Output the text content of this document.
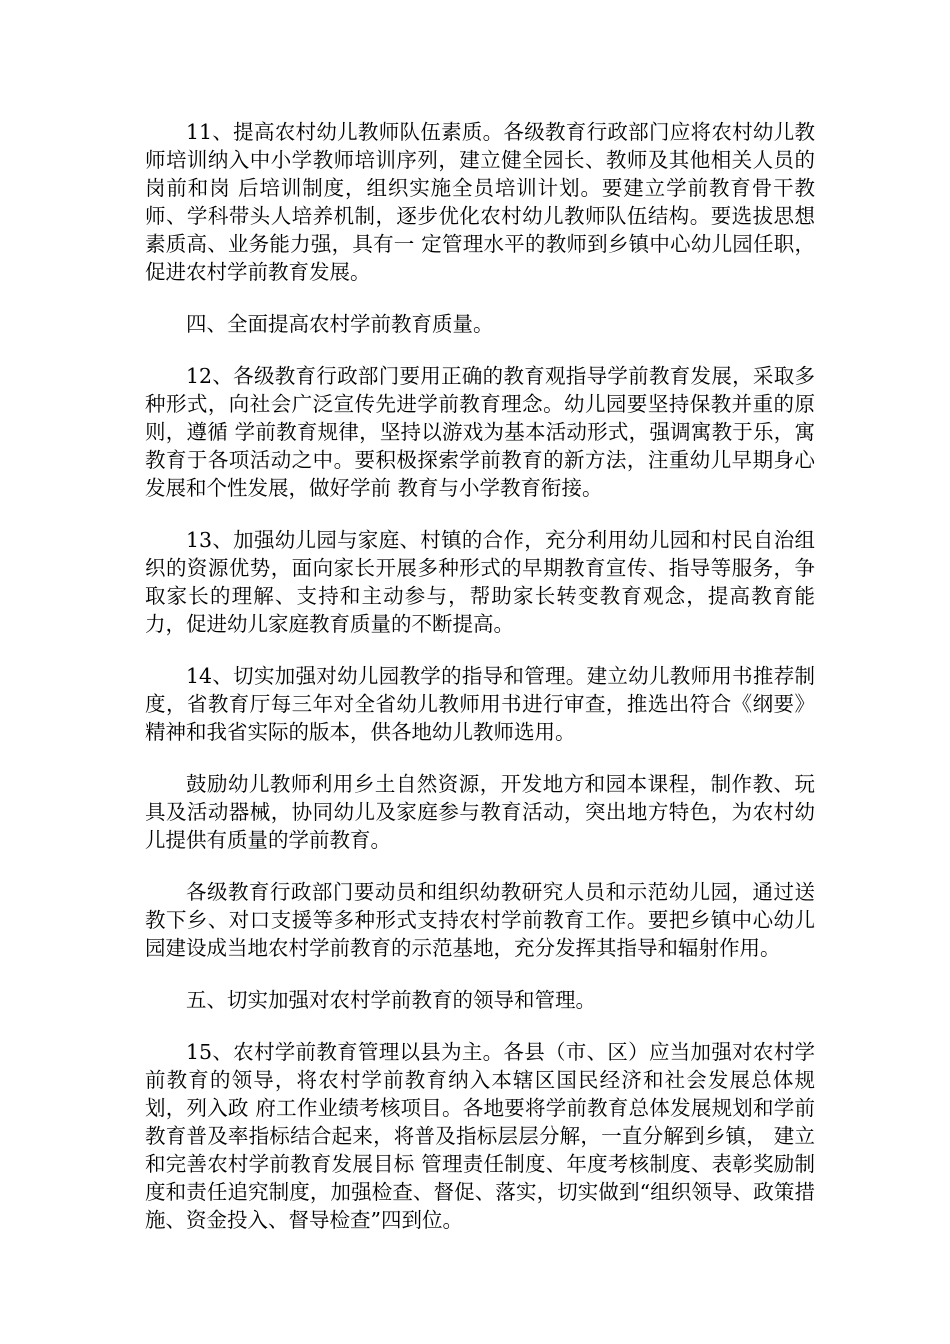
11、提高农村幼儿教师队伍素质。各级教育行政部门应将农村幼儿教师培训纳入中小学教师培训序列，建立健全园长、教师及其他相关人员的岗前和岗 后培训制度，组织实施全员培训计划。要建立学前教育骨干教师、学科带头人培养机制，逐步优化农村幼儿教师队伍结构。要选拔思想素质高、业务能力强，具有一 定管理水平的教师到乡镇中心幼儿园任职，促进农村学前教育发展。

四、全面提高农村学前教育质量。

12、各级教育行政部门要用正确的教育观指导学前教育发展，采取多种形式，向社会广泛宣传先进学前教育理念。幼儿园要坚持保教并重的原则，遵循 学前教育规律，坚持以游戏为基本活动形式，强调寓教于乐，寓教育于各项活动之中。要积极探索学前教育的新方法，注重幼儿早期身心发展和个性发展，做好学前 教育与小学教育衔接。

13、加强幼儿园与家庭、村镇的合作，充分利用幼儿园和村民自治组织的资源优势，面向家长开展多种形式的早期教育宣传、指导等服务，争取家长的理解、支持和主动参与，帮助家长转变教育观念，提高教育能力，促进幼儿家庭教育质量的不断提高。

14、切实加强对幼儿园教学的指导和管理。建立幼儿教师用书推荐制度，省教育厅每三年对全省幼儿教师用书进行审查，推选出符合《纲要》精神和我省实际的版本，供各地幼儿教师选用。

鼓励幼儿教师利用乡土自然资源，开发地方和园本课程，制作教、玩具及活动器械，协同幼儿及家庭参与教育活动，突出地方特色，为农村幼儿提供有质量的学前教育。

各级教育行政部门要动员和组织幼教研究人员和示范幼儿园，通过送教下乡、对口支援等多种形式支持农村学前教育工作。要把乡镇中心幼儿园建设成当地农村学前教育的示范基地，充分发挥其指导和辐射作用。

五、切实加强对农村学前教育的领导和管理。

15、农村学前教育管理以县为主。各县（市、区）应当加强对农村学前教育的领导，将农村学前教育纳入本辖区国民经济和社会发展总体规划，列入政 府工作业绩考核项目。各地要将学前教育总体发展规划和学前教育普及率指标结合起来，将普及指标层层分解，一直分解到乡镇， 建立和完善农村学前教育发展目标 管理责任制度、年度考核制度、表彰奖励制度和责任追究制度，加强检查、督促、落实，切实做到“组织领导、政策措施、资金投入、督导检查”四到位。
